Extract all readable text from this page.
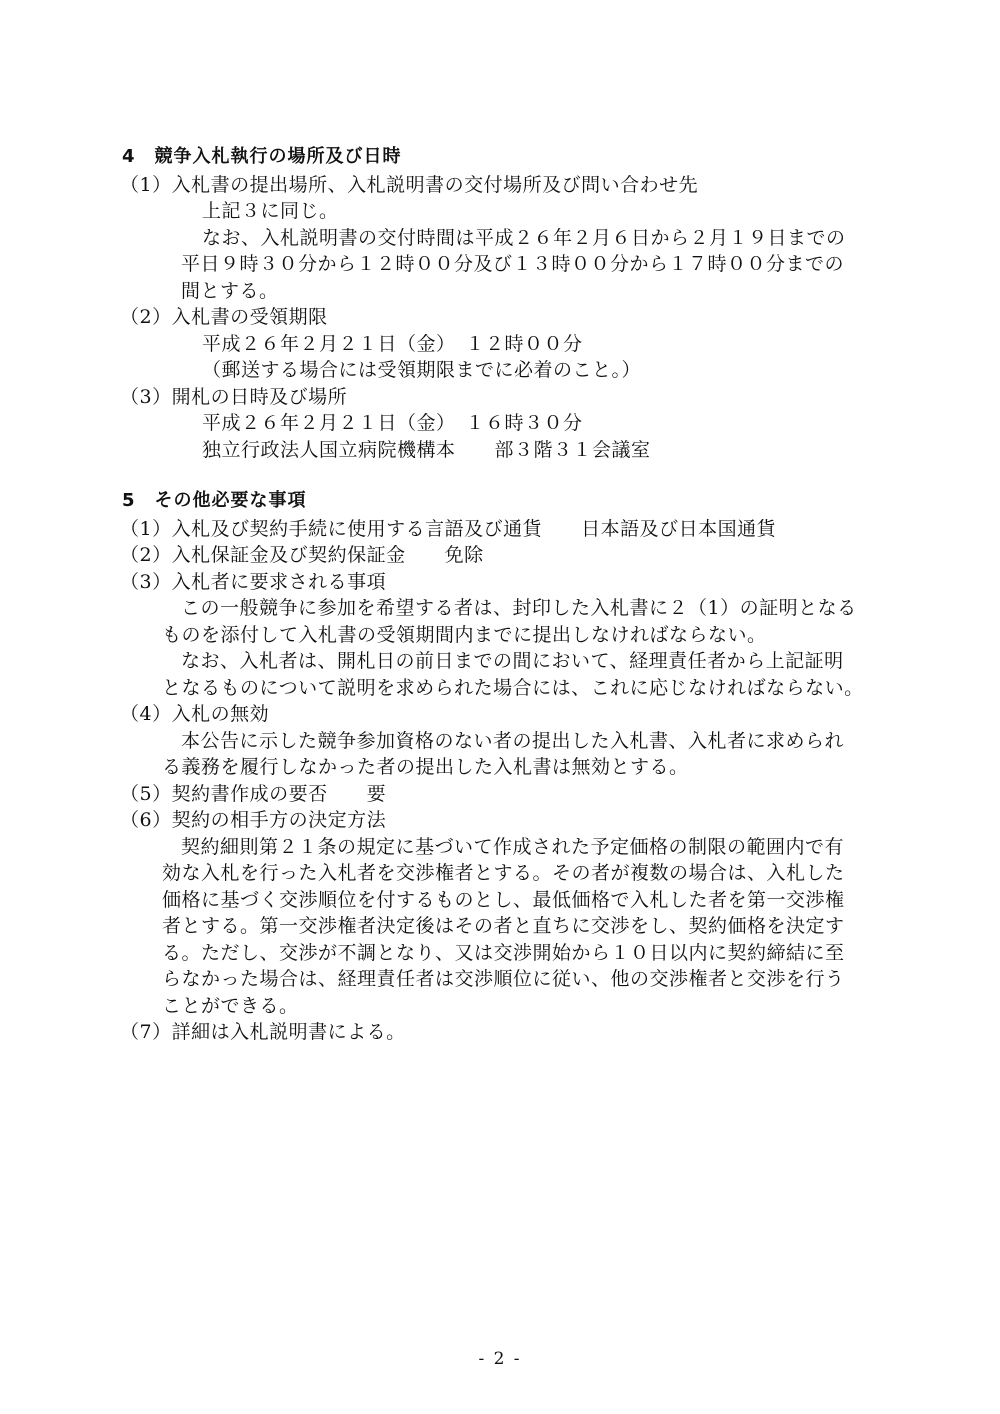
4　競争入札執行の場所及び日時
（1）入札書の提出場所、入札説明書の交付場所及び問い合わせ先
上記３に同じ。
なお、入札説明書の交付時間は平成２６年２月６日から２月１９日までの
平日９時３０分から１２時００分及び１３時００分から１７時００分までの
間とする。
（2）入札書の受領期限
平成２６年２月２１日（金）　１２時００分
（郵送する場合には受領期限までに必着のこと。）
（3）開札の日時及び場所
平成２６年２月２１日（金）　１６時３０分
独立行政法人国立病院機構本　　部３階３１会議室
5　その他必要な事項
（1）入札及び契約手続に使用する言語及び通貨　　日本語及び日本国通貨
（2）入札保証金及び契約保証金　　免除
（3）入札者に要求される事項
この一般競争に参加を希望する者は、封印した入札書に２（1）の証明となる
ものを添付して入札書の受領期間内までに提出しなければならない。
なお、入札者は、開札日の前日までの間において、経理責任者から上記証明
となるものについて説明を求められた場合には、これに応じなければならない。
（4）入札の無効
本公告に示した競争参加資格のない者の提出した入札書、入札者に求められ
る義務を履行しなかった者の提出した入札書は無効とする。
（5）契約書作成の要否　　要
（6）契約の相手方の決定方法
契約細則第２１条の規定に基づいて作成された予定価格の制限の範囲内で有
効な入札を行った入札者を交渉権者とする。その者が複数の場合は、入札した
価格に基づく交渉順位を付するものとし、最低価格で入札した者を第一交渉権
者とする。第一交渉権者決定後はその者と直ちに交渉をし、契約価格を決定す
る。ただし、交渉が不調となり、又は交渉開始から１０日以内に契約締結に至
らなかった場合は、経理責任者は交渉順位に従い、他の交渉権者と交渉を行う
ことができる。
（7）詳細は入札説明書による。
- 2 -
